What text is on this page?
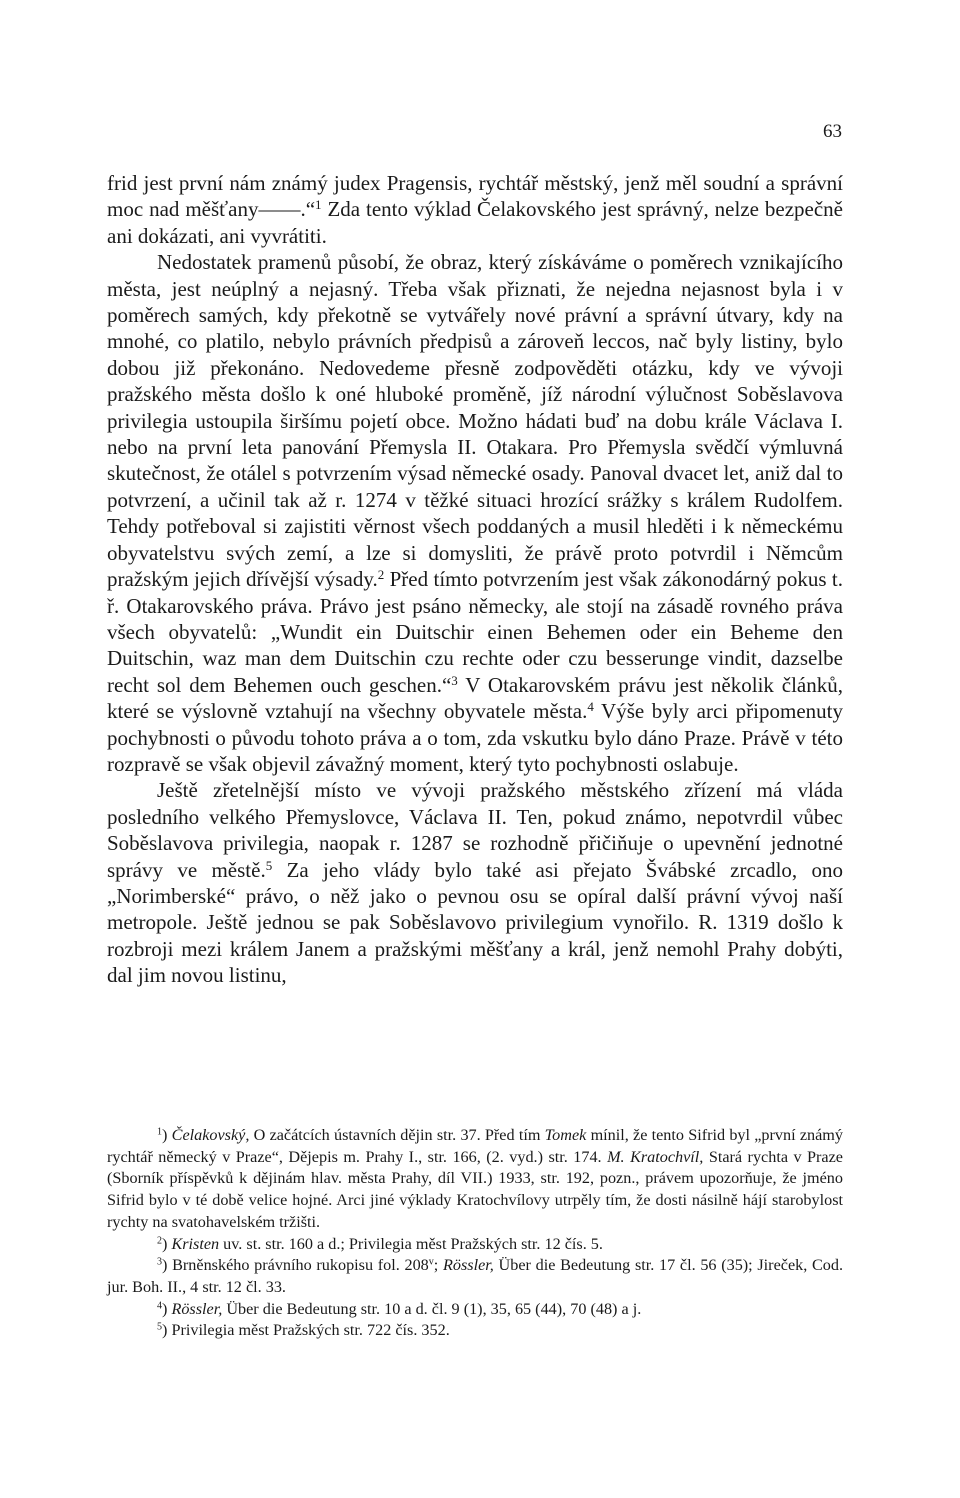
63

frid jest první nám známý judex Pragensis, rychtář městský, jenž měl soudní a správní moc nad měšťany——.“$^1$ Zda tento výklad Čelakovského jest správný, nelze bezpečně ani dokázati, ani vyvrátiti.

Nedostatek pramenů působí, že obraz, který získáváme o poměrech vznikajícího města, jest neúplný a nejasný. Třeba však přiznati, že nejedna nejasnost byla i v poměrech samých, kdy překotně se vytvářely nové právní a správní útvary, kdy na mnohé, co platilo, nebylo právních předpisů a zároveň leccos, nač byly listiny, bylo dobou již překonáno. Nedovedeme přesně zodpověděti otázku, kdy ve vývoji pražského města došlo k oné hluboké proměně, jíž národní výlučnost Soběslavova privilegia ustoupila širšímu pojetí obce. Možno hádati buď na dobu krále Václava I. nebo na první leta panování Přemysla II. Otakara. Pro Přemysla svědčí výmluvná skutečnost, že otálel s potvrzením výsad německé osady. Panoval dvacet let, aniž dal to potvrzení, a učinil tak až r. 1274 v těžké situaci hrozící srážky s králem Rudolfem. Tehdy potřeboval si zajistiti věrnost všech poddaných a musil hleděti i k německému obyvatelstvu svých zemí, a lze si domysliti, že právě proto potvrdil i Němcům pražským jejich dřívější výsady.$^2$ Před tímto potvrzením jest však zákonodárný pokus t. ř. Otakarovského práva. Právo jest psáno německy, ale stojí na zásadě rovného práva všech obyvatelů: „Wundit ein Duitschir einen Behemen oder ein Beheme den Duitschin, waz man dem Duitschin czu rechte oder czu besserunge vindit, dazselbe recht sol dem Behemen ouch geschen.“$^3$ V Otakarovském právu jest několik článků, které se výslovně vztahují na všechny obyvatele města.$^4$ Výše byly arci připomenuty pochybnosti o původu tohoto práva a o tom, zda vskutku bylo dáno Praze. Právě v této rozpravě se však objevil závažný moment, který tyto pochybnosti oslabuje.

Ještě zřetelnější místo ve vývoji pražského městského zřízení má vláda posledního velkého Přemyslovce, Václava II. Ten, pokud známo, nepotvrdil vůbec Soběslavova privilegia, naopak r. 1287 se rozhodně přičiňuje o upevnění jednotné správy ve městě.$^5$ Za jeho vlády bylo také asi přejato Švábské zrcadlo, ono „Norimberské“ právo, o něž jako o pevnou osu se opíral další právní vývoj naší metropole. Ještě jednou se pak Soběslavovo privilegium vynořilo. R. 1319 došlo k rozbroji mezi králem Janem a pražskými měšťany a král, jenž nemohl Prahy dobýti, dal jim novou listinu,

$^1$) Čelakovský, O začátcích ústavních dějin str. 37. Před tím Tomek mínil, že tento Sifrid byl „první známý rychtář německý v Praze“, Dějepis m. Prahy I., str. 166, (2. vyd.) str. 174. M. Kratochvíl, Stará rychta v Praze (Sborník příspěvků k dějinám hlav. města Prahy, díl VII.) 1933, str. 192, pozn., právem upozorňuje, že jméno Sifrid bylo v té době velice hojné. Arci jiné výklady Kratochvílovy utrpěly tím, že dosti násilně hájí starobylost rychty na svatohavelském tržišti.

$^2$) Kristen uv. st. str. 160 a d.; Privilegia měst Pražských str. 12 čís. 5.

$^3$) Brněnského právního rukopisu fol. 208$^v$; Rössler, Über die Bedeutung str. 17 čl. 56 (35); Jireček, Cod. jur. Boh. II., 4 str. 12 čl. 33.

$^4$) Rössler, Über die Bedeutung str. 10 a d. čl. 9 (1), 35, 65 (44), 70 (48) a j.

$^5$) Privilegia měst Pražských str. 722 čís. 352.
